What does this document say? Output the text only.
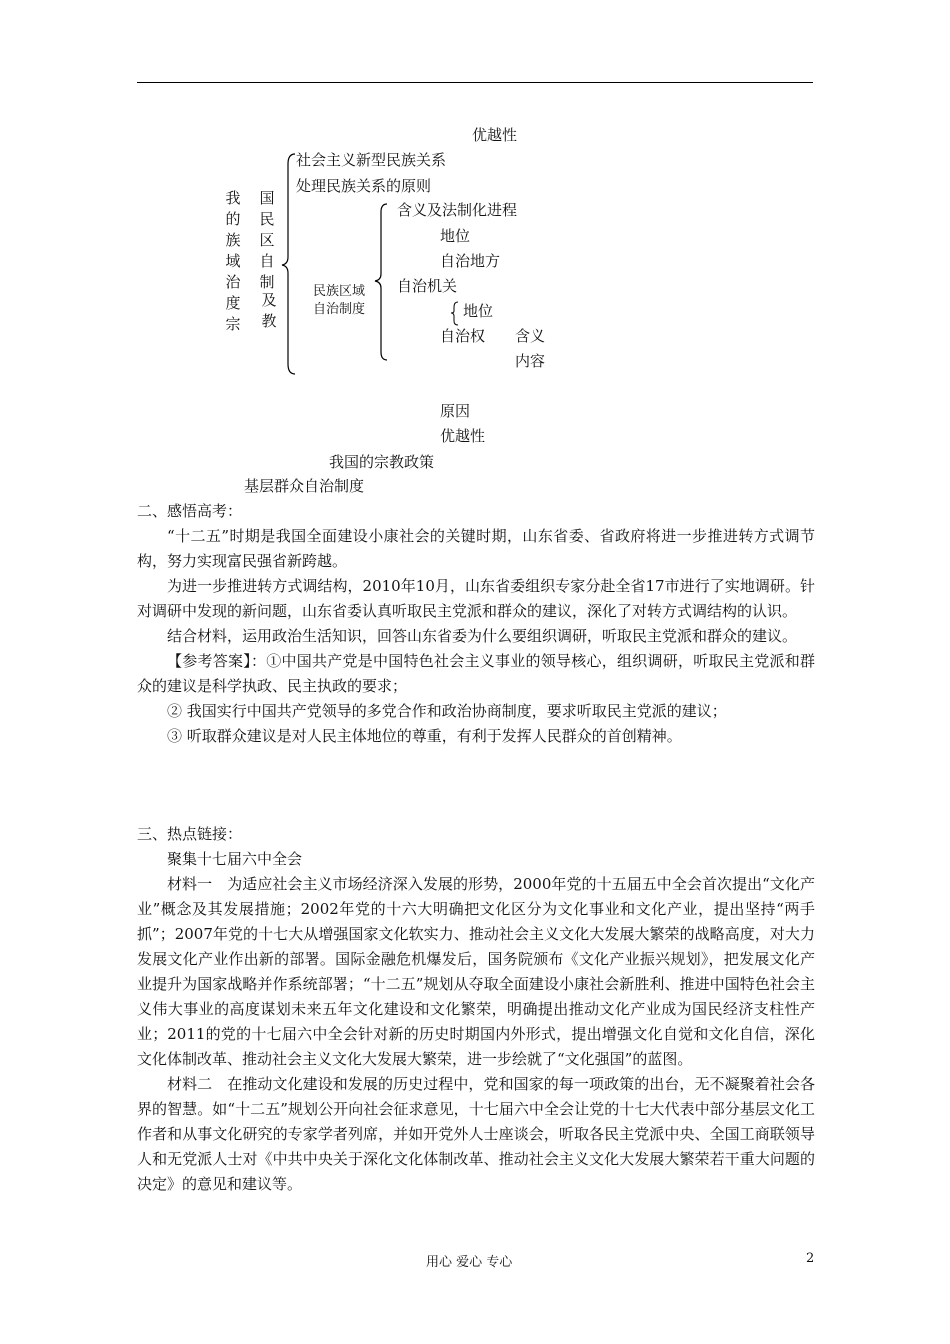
优越性
我的族域治度宗
国民区自制
及教
社会主义新型民族关系
处理民族关系的原则
民族区域
自治制度
含义及法制化进程
地位
自治地方
自治机关
地位
自治权 含义
内容
原因
优越性
我国的宗教政策
基层群众自治制度

二、感悟高考：

“十二五”时期是我国全面建设小康社会的关键时期，山东省委、省政府将进一步推进转方式调节构，努力实现富民强省新跨越。

为进一步推进转方式调结构，2010年10月，山东省委组织专家分赴全省17市进行了实地调研。针对调研中发现的新问题，山东省委认真听取民主党派和群众的建议，深化了对转方式调结构的认识。

结合材料，运用政治生活知识，回答山东省委为什么要组织调研，听取民主党派和群众的建议。

【参考答案】：①中国共产党是中国特色社会主义事业的领导核心，组织调研，听取民主党派和群众的建议是科学执政、民主执政的要求；

② 我国实行中国共产党领导的多党合作和政治协商制度，要求听取民主党派的建议；

③ 听取群众建议是对人民主体地位的尊重，有利于发挥人民群众的首创精神。

三、热点链接：

聚集十七届六中全会

材料一　为适应社会主义市场经济深入发展的形势，2000年党的十五届五中全会首次提出“文化产业”概念及其发展措施；2002年党的十六大明确把文化区分为文化事业和文化产业，提出坚持“两手抓”；2007年党的十七大从增强国家文化软实力、推动社会主义文化大发展大繁荣的战略高度，对大力发展文化产业作出新的部署。国际金融危机爆发后，国务院颁布《文化产业振兴规划》，把发展文化产业提升为国家战略并作系统部署；“十二五”规划从夺取全面建设小康社会新胜利、推进中国特色社会主义伟大事业的高度谋划未来五年文化建设和文化繁荣，明确提出推动文化产业成为国民经济支柱性产业；2011的党的十七届六中全会针对新的历史时期国内外形式，提出增强文化自觉和文化自信，深化文化体制改革、推动社会主义文化大发展大繁荣，进一步绘就了“文化强国”的蓝图。

材料二　在推动文化建设和发展的历史过程中，党和国家的每一项政策的出台，无不凝聚着社会各界的智慧。如“十二五”规划公开向社会征求意见，十七届六中全会让党的十七大代表中部分基层文化工作者和从事文化研究的专家学者列席，并如开党外人士座谈会，听取各民主党派中央、全国工商联领导人和无党派人士对《中共中央关于深化文化体制改革、推动社会主义文化大发展大繁荣若干重大问题的决定》的意见和建议等。

用心 爱心 专心	2
